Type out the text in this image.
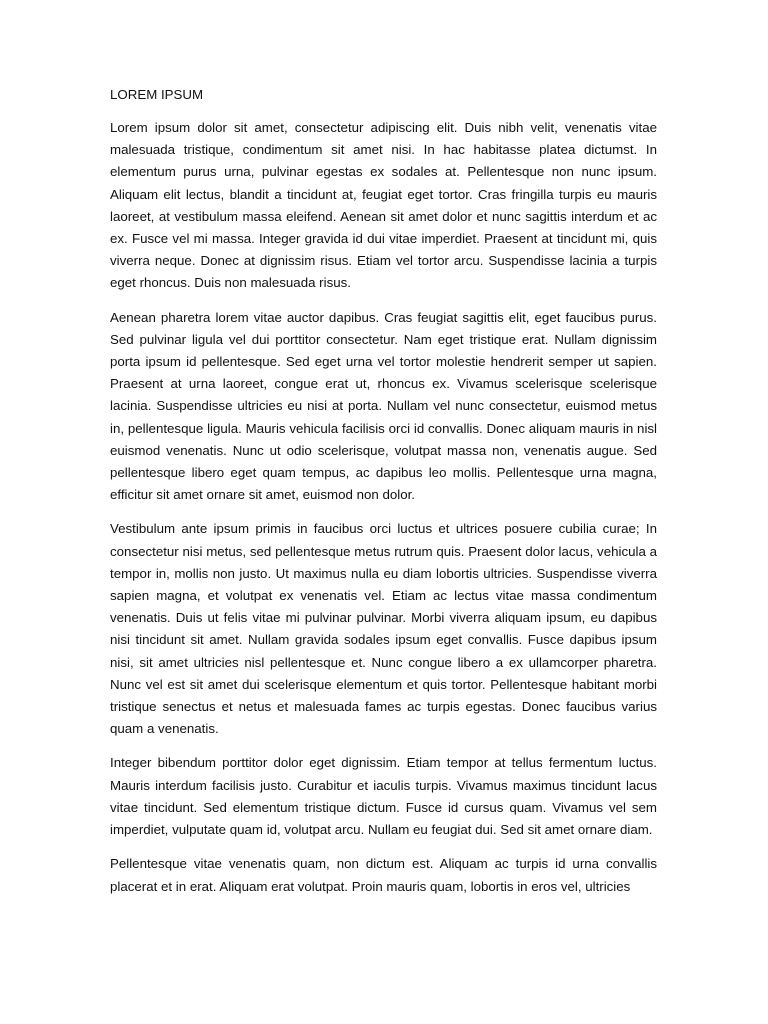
LOREM IPSUM

Lorem ipsum dolor sit amet, consectetur adipiscing elit. Duis nibh velit, venenatis vitae malesuada tristique, condimentum sit amet nisi. In hac habitasse platea dictumst. In elementum purus urna, pulvinar egestas ex sodales at. Pellentesque non nunc ipsum. Aliquam elit lectus, blandit a tincidunt at, feugiat eget tortor. Cras fringilla turpis eu mauris laoreet, at vestibulum massa eleifend. Aenean sit amet dolor et nunc sagittis interdum et ac ex. Fusce vel mi massa. Integer gravida id dui vitae imperdiet. Praesent at tincidunt mi, quis viverra neque. Donec at dignissim risus. Etiam vel tortor arcu. Suspendisse lacinia a turpis eget rhoncus. Duis non malesuada risus.

Aenean pharetra lorem vitae auctor dapibus. Cras feugiat sagittis elit, eget faucibus purus. Sed pulvinar ligula vel dui porttitor consectetur. Nam eget tristique erat. Nullam dignissim porta ipsum id pellentesque. Sed eget urna vel tortor molestie hendrerit semper ut sapien. Praesent at urna laoreet, congue erat ut, rhoncus ex. Vivamus scelerisque scelerisque lacinia. Suspendisse ultricies eu nisi at porta. Nullam vel nunc consectetur, euismod metus in, pellentesque ligula. Mauris vehicula facilisis orci id convallis. Donec aliquam mauris in nisl euismod venenatis. Nunc ut odio scelerisque, volutpat massa non, venenatis augue. Sed pellentesque libero eget quam tempus, ac dapibus leo mollis. Pellentesque urna magna, efficitur sit amet ornare sit amet, euismod non dolor.

Vestibulum ante ipsum primis in faucibus orci luctus et ultrices posuere cubilia curae; In consectetur nisi metus, sed pellentesque metus rutrum quis. Praesent dolor lacus, vehicula a tempor in, mollis non justo. Ut maximus nulla eu diam lobortis ultricies. Suspendisse viverra sapien magna, et volutpat ex venenatis vel. Etiam ac lectus vitae massa condimentum venenatis. Duis ut felis vitae mi pulvinar pulvinar. Morbi viverra aliquam ipsum, eu dapibus nisi tincidunt sit amet. Nullam gravida sodales ipsum eget convallis. Fusce dapibus ipsum nisi, sit amet ultricies nisl pellentesque et. Nunc congue libero a ex ullamcorper pharetra. Nunc vel est sit amet dui scelerisque elementum et quis tortor. Pellentesque habitant morbi tristique senectus et netus et malesuada fames ac turpis egestas. Donec faucibus varius quam a venenatis.

Integer bibendum porttitor dolor eget dignissim. Etiam tempor at tellus fermentum luctus. Mauris interdum facilisis justo. Curabitur et iaculis turpis. Vivamus maximus tincidunt lacus vitae tincidunt. Sed elementum tristique dictum. Fusce id cursus quam. Vivamus vel sem imperdiet, vulputate quam id, volutpat arcu. Nullam eu feugiat dui. Sed sit amet ornare diam.

Pellentesque vitae venenatis quam, non dictum est. Aliquam ac turpis id urna convallis placerat et in erat. Aliquam erat volutpat. Proin mauris quam, lobortis in eros vel, ultricies
